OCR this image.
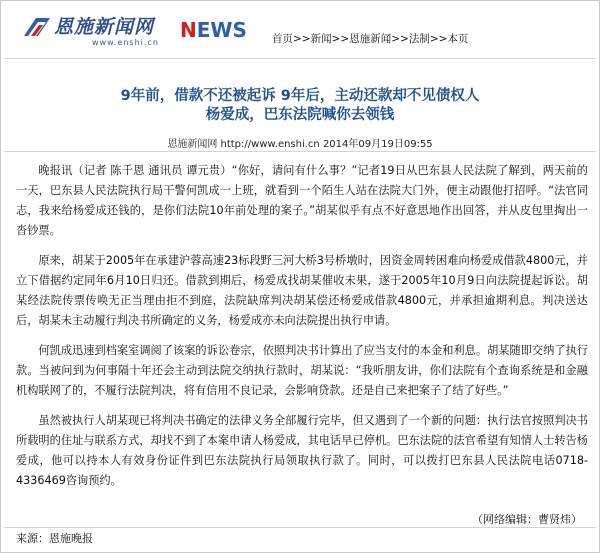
恩施新闻网
www.enshi.cn
NEWS 首页>>新闻>>恩施新闻>>法制>>本页
9年前，借款不还被起诉 9年后，主动还款却不见债权人
杨爱成，巴东法院喊你去领钱
恩施新闻网 http://www.enshi.cn 2014年09月19日09:55

晚报讯（记者 陈千恩 通讯员 谭元贵）“你好，请问有什么事？”记者19日从巴东县人民法院了解到，两天前的一天，巴东县人民法院执行局干警何凯成一上班，就看到一个陌生人站在法院大门外，便主动跟他打招呼。“法官同志，我来给杨爱成还钱的，是你们法院10年前处理的案子。”胡某似乎有点不好意思地作出回答，并从皮包里掏出一沓钞票。

原来，胡某于2005年在承建沪蓉高速23标段野三河大桥3号桥墩时，因资金周转困难向杨爱成借款4800元，并立下借据约定同年6月10日归还。借款到期后，杨爱成找胡某催收未果，遂于2005年10月9日向法院提起诉讼。胡某经法院传票传唤无正当理由拒不到庭，法院缺席判决胡某偿还杨爱成借款4800元，并承担逾期利息。判决送达后，胡某未主动履行判决书所确定的义务，杨爱成亦未向法院提出执行申请。

何凯成迅速到档案室调阅了该案的诉讼卷宗，依照判决书计算出了应当支付的本金和利息。胡某随即交纳了执行款。当被问到为何事隔十年还会主动到法院交纳执行款时，胡某说：“我听朋友讲，你们法院有个查询系统是和金融机构联网了的，不履行法院判决，将有信用不良记录，会影响贷款。还是自己来把案子了结了好些。”

虽然被执行人胡某现已将判决书确定的法律义务全部履行完毕，但又遇到了一个新的问题：执行法官按照判决书所载明的住址与联系方式，却找不到了本案申请人杨爱成，其电话早已停机。巴东法院的法官希望有知情人士转告杨爱成，他可以持本人有效身份证件到巴东法院执行局领取执行款了。同时，可以拨打巴东县人民法院电话0718-4336469咨询预约。

（网络编辑：曹贤炜）
来源：恩施晚报
